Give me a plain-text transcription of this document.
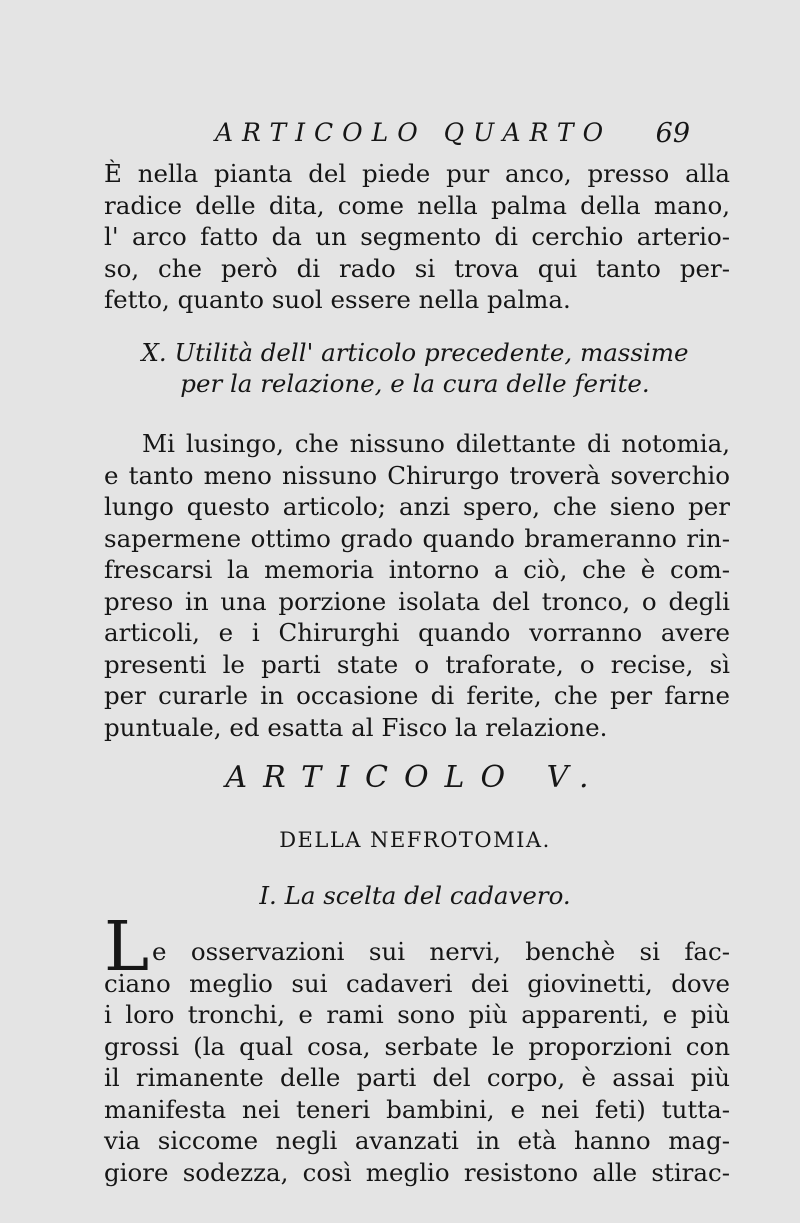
ARTICOLO QUARTO 69
È nella pianta del piede pur anco, presso alla
radice delle dita, come nella palma della mano,
l' arco fatto da un segmento di cerchio arterio-
so, che però di rado si trova qui tanto per-
fetto, quanto suol essere nella palma.
X. Utilità dell' articolo precedente, massime
per la relazione, e la cura delle ferite.
Mi lusingo, che nissuno dilettante di notomia,
e tanto meno nissuno Chirurgo troverà soverchio
lungo questo articolo; anzi spero, che sieno per
sapermene ottimo grado quando brameranno rin-
frescarsi la memoria intorno a ciò, che è com-
preso in una porzione isolata del tronco, o degli
articoli, e i Chirurghi quando vorranno avere
presenti le parti state o traforate, o recise, sì
per curarle in occasione di ferite, che per farne
puntuale, ed esatta al Fisco la relazione.
ARTICOLO V.
DELLA NEFROTOMIA.
I. La scelta del cadavero.
L e osservazioni sui nervi, benchè si fac-
ciano meglio sui cadaveri dei giovinetti, dove
i loro tronchi, e rami sono più apparenti, e più
grossi (la qual cosa, serbate le proporzioni con
il rimanente delle parti del corpo, è assai più
manifesta nei teneri bambini, e nei feti) tutta-
via siccome negli avanzati in età hanno mag-
giore sodezza, così meglio resistono alle stirac-
